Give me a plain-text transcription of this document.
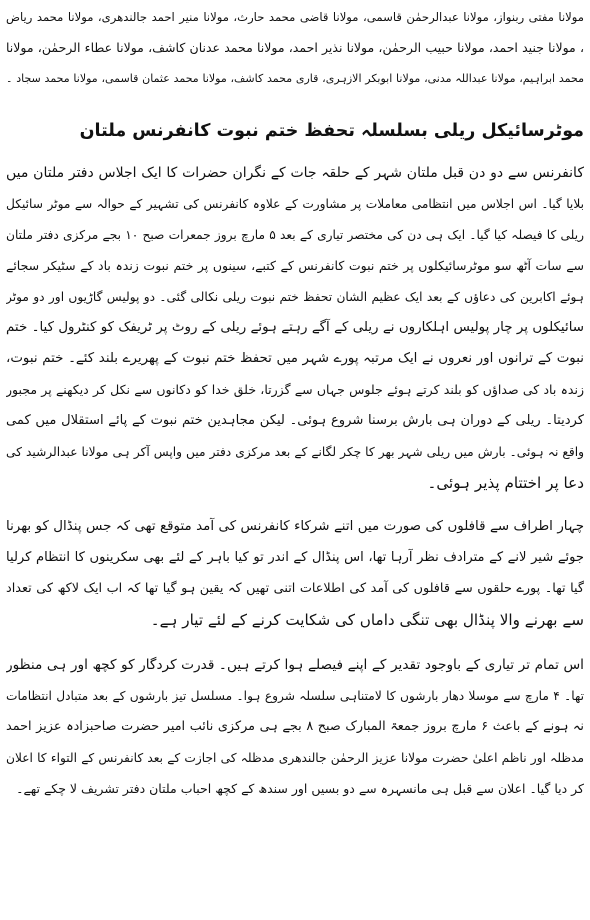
مولانا مفتی ربنواز، مولانا عبدالرحمٰن قاسمی، مولانا قاضی محمد حارث، مولانا منیر احمد جالندھری، مولانا محمد ریاض
، مولانا جنید احمد، مولانا حبیب الرحمٰن، مولانا نذیر احمد، مولانا محمد عدنان کاشف، مولانا عطاء الرحمٰن، مولانا
محمد ابراہیم، مولانا عبداللہ مدنی، مولانا ابوبکر الازہری، قاری محمد کاشف، مولانا محمد عثمان قاسمی، مولانا محمد سجاد ۔
موٹرسائیکل ریلی بسلسلہ تحفظ ختم نبوت کانفرنس ملتان
کانفرنس سے دو دن قبل ملتان شہر کے حلقہ جات کے نگران حضرات کا ایک اجلاس دفتر ملتان میں
بلایا گیا۔ اس اجلاس میں انتظامی معاملات پر مشاورت کے علاوہ کانفرنس کی تشہیر کے حوالہ سے موٹر سائیکل
ریلی کا فیصلہ کیا گیا۔ ایک ہی دن کی مختصر تیاری کے بعد ۵ مارچ بروز جمعرات صبح ۱۰ بجے مرکزی دفتر ملتان
سے سات آٹھ سو موٹرسائیکلوں پر ختم نبوت کانفرنس کے کتبے، سینوں پر ختم نبوت زندہ باد کے سٹیکر سجائے
ہوئے اکابرین کی دعاؤں کے بعد ایک عظیم الشان تحفظ ختم نبوت ریلی نکالی گئی۔ دو پولیس گاڑیوں اور دو موٹر
سائیکلوں پر چار پولیس اہلکاروں نے ریلی کے آگے رہتے ہوئے ریلی کے روٹ پر ٹریفک کو کنٹرول کیا۔ ختم
نبوت کے ترانوں اور نعروں نے ایک مرتبہ پورے شہر میں تحفظ ختم نبوت کے پھریرے بلند کئے۔ ختم نبوت،
زندہ باد کی صداؤں کو بلند کرتے ہوئے جلوس جہاں سے گزرتا، خلق خدا کو دکانوں سے نکل کر دیکھنے پر مجبور
کردیتا۔ ریلی کے دوران ہی بارش برسنا شروع ہوئی۔ لیکن مجاہدین ختم نبوت کے پائے استقلال میں کمی
واقع نہ ہوئی۔ بارش میں ریلی شہر بھر کا چکر لگانے کے بعد مرکزی دفتر میں واپس آکر ہی مولانا عبدالرشید کی
دعا پر اختتام پذیر ہوئی۔
چہار اطراف سے قافلوں کی صورت میں اتنے شرکاء کانفرنس کی آمد متوقع تھی کہ جس پنڈال کو بھرنا
جوئے شیر لانے کے مترادف نظر آرہا تھا، اس پنڈال کے اندر تو کیا باہر کے لئے بھی سکرینوں کا انتظام کرلیا
گیا تھا۔ پورے حلقوں سے قافلوں کی آمد کی اطلاعات اتنی تھیں کہ یقین ہو گیا تھا کہ اب ایک لاکھ کی تعداد
سے بھرنے والا پنڈال بھی تنگی داماں کی شکایت کرنے کے لئے تیار ہے۔
اس تمام تر تیاری کے باوجود تقدیر کے اپنے فیصلے ہوا کرتے ہیں۔ قدرت کردگار کو کچھ اور ہی منظور
تھا۔ ۴ مارچ سے موسلا دھار بارشوں کا لامتناہی سلسلہ شروع ہوا۔ مسلسل تیز بارشوں کے بعد متبادل انتظامات
نہ ہونے کے باعث ۶ مارچ بروز جمعۃ المبارک صبح ۸ بجے ہی مرکزی نائب امیر حضرت صاحبزادہ عزیز احمد
مدظلہ اور ناظم اعلیٰ حضرت مولانا عزیز الرحمٰن جالندھری مدظلہ کی اجازت کے بعد کانفرنس کے التواء کا اعلان
کر دیا گیا۔ اعلان سے قبل ہی مانسہرہ سے دو بسیں اور سندھ کے کچھ احباب ملتان دفتر تشریف لا چکے تھے۔
